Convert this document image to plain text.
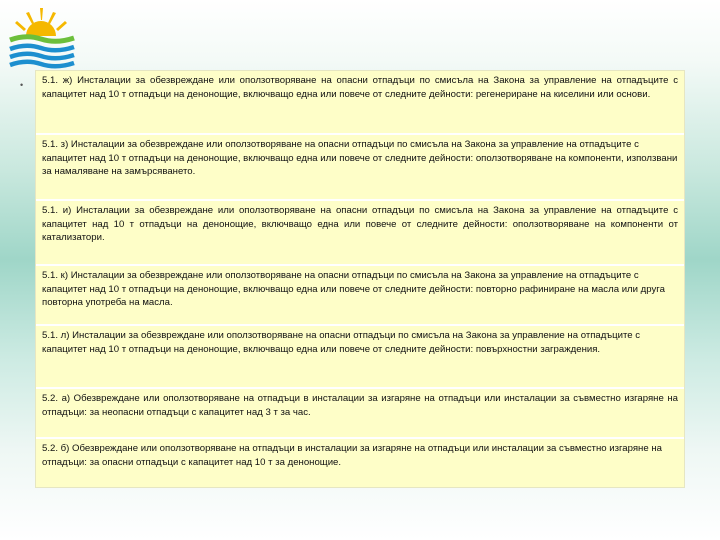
• 5.1. ж) Инсталации за обезвреждане или оползотворяване на опасни отпадъци по смисъла на Закона за управление на отпадъците с капацитет над 10 т отпадъци на денонощие, включващо една или повече от следните дейности: регенериране на киселини или основи.

5.1. з) Инсталации за обезвреждане или оползотворяване на опасни отпадъци по смисъла на Закона за управление на отпадъците с капацитет над 10 т отпадъци на денонощие, включващо една или повече от следните дейности: оползотворяване на компоненти, използвани за намаляване на замърсяването.

5.1. и) Инсталации за обезвреждане или оползотворяване на опасни отпадъци по смисъла на Закона за управление на отпадъците с капацитет над 10 т отпадъци на денонощие, включващо една или повече от следните дейности: оползотворяване на компоненти от катализатори.

5.1. к) Инсталации за обезвреждане или оползотворяване на опасни отпадъци по смисъла на Закона за управление на отпадъците с капацитет над 10 т отпадъци на денонощие, включващо една или повече от следните дейности: повторно рафиниране на масла или друга повторна употреба на масла.

5.1. л) Инсталации за обезвреждане или оползотворяване на опасни отпадъци по смисъла на Закона за управление на отпадъците с капацитет над 10 т отпадъци на денонощие, включващо една или повече от следните дейности: повърхностни заграждения.

5.2. а) Обезвреждане или оползотворяване на отпадъци в инсталации за изгаряне на отпадъци или инсталации за съвместно изгаряне на отпадъци: за неопасни отпадъци с капацитет над 3 т за час.

5.2. б) Обезвреждане или оползотворяване на отпадъци в инсталации за изгаряне на отпадъци или инсталации за съвместно изгаряне на отпадъци: за опасни отпадъци с капацитет над 10 т за денонощие.
